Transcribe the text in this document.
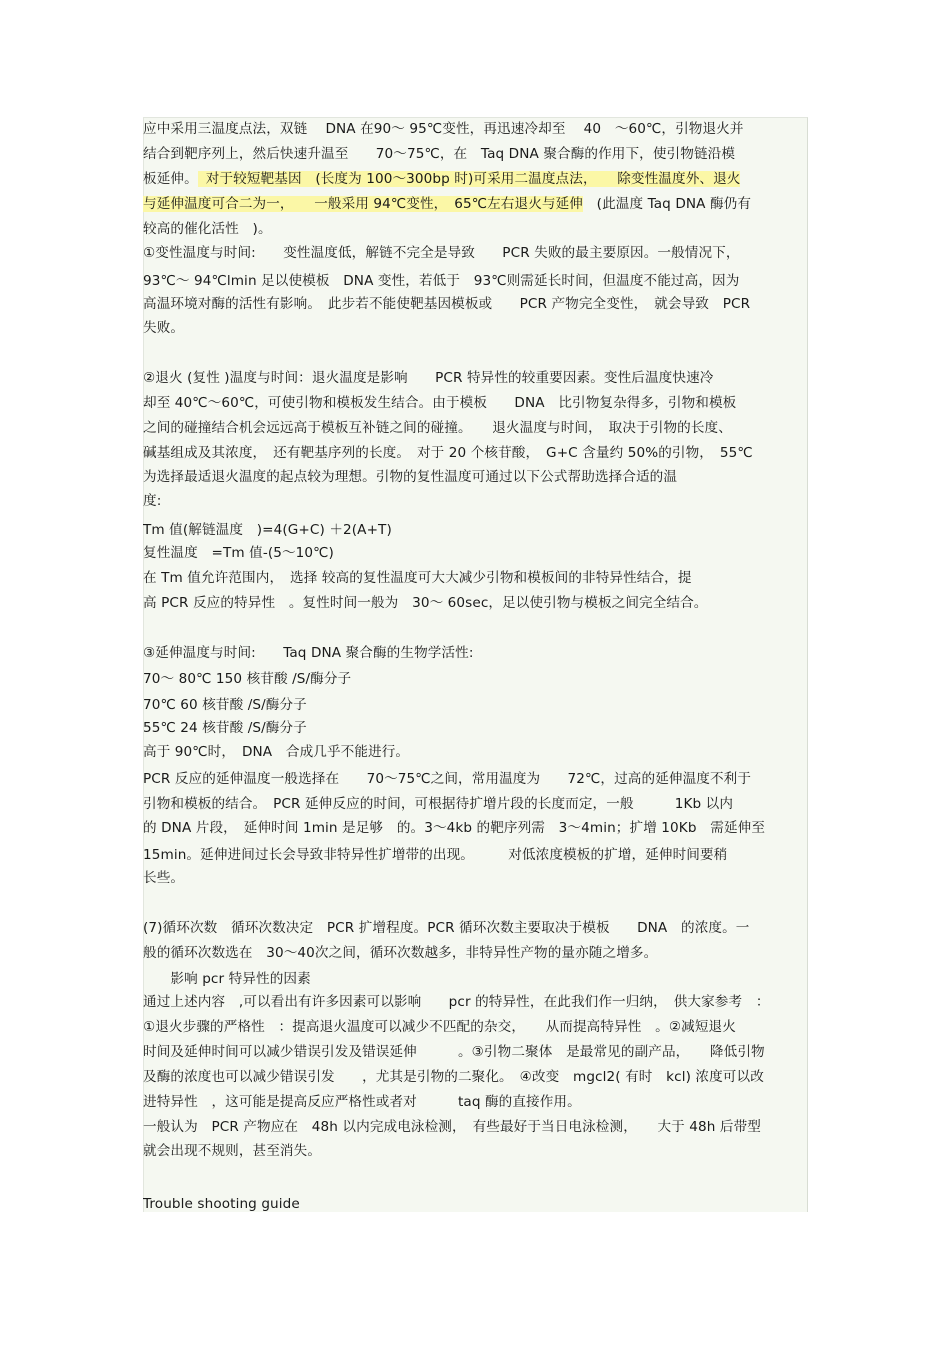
应中采用三温度点法，双链　 DNA 在90～ 95℃变性，再迅速冷却至　 40　～60℃，引物退火并
结合到靶序列上，然后快速升温至　　70～75℃，在　Taq DNA 聚合酶的作用下，使引物链沿模
板延伸。 对于较短靶基因　(长度为 100～300bp 时)可采用二温度点法，　　除变性温度外、退火
与延伸温度可合二为一，　　一般采用 94℃变性，　65℃左右退火与延伸　(此温度 Taq DNA 酶仍有
较高的催化活性　)。
①变性温度与时间:　　变性温度低，解链不完全是导致　　PCR 失败的最主要原因。一般情况下，
93℃～ 94℃lmin 足以使模板　DNA 变性，若低于　93℃则需延长时间，但温度不能过高，因为
高温环境对酶的活性有影响。　此步若不能使靶基因模板或　　PCR 产物完全变性，　就会导致　PCR
失败。
②退火 (复性 )温度与时间：退火温度是影响　　PCR 特异性的较重要因素。变性后温度快速冷
却至 40℃～60℃，可使引物和模板发生结合。由于模板　　DNA　比引物复杂得多，引物和模板
之间的碰撞结合机会远远高于模板互补链之间的碰撞。　　退火温度与时间，　取决于引物的长度、
碱基组成及其浓度，　还有靶基序列的长度。　对于 20 个核苷酸，　G+C 含量约 50%的引物，　55℃
为选择最适退火温度的起点较为理想。引物的复性温度可通过以下公式帮助选择合适的温
度:
Tm 值(解链温度　)=4(G+C) ＋2(A+T)
复性温度　=Tm 值-(5～10℃)
在 Tm 值允许范围内，　选择 较高的复性温度可大大减少引物和模板间的非特异性结合，提
高 PCR 反应的特异性　。复性时间一般为　30～ 60sec，足以使引物与模板之间完全结合。
③延伸温度与时间:　　Taq DNA 聚合酶的生物学活性:
70～ 80℃ 150 核苷酸 /S/酶分子
70℃ 60 核苷酸 /S/酶分子
55℃ 24 核苷酸 /S/酶分子
高于 90℃时，　DNA　合成几乎不能进行。
PCR 反应的延伸温度一般选择在　　70～75℃之间，常用温度为　　72℃，过高的延伸温度不利于
引物和模板的结合。　PCR 延伸反应的时间，可根据待扩增片段的长度而定，一般　　　1Kb 以内
的 DNA 片段，　延伸时间 1min 是足够　的。3～4kb 的靶序列需　3～4min；扩增 10Kb　需延伸至
15min。延伸进间过长会导致非特异性扩增带的出现。　　　对低浓度模板的扩增，延伸时间要稍
长些。
(7)循环次数　循环次数决定　PCR 扩增程度。PCR 循环次数主要取决于模板　　DNA　的浓度。一
般的循环次数选在　30～40次之间，循环次数越多，非特异性产物的量亦随之增多。
　　影响 pcr 特异性的因素
通过上述内容　,可以看出有许多因素可以影响　　pcr 的特异性，在此我们作一归纳，　供大家参考　：
①退火步骤的严格性　：提高退火温度可以减少不匹配的杂交，　　从而提高特异性　。②减短退火
时间及延伸时间可以减少错误引发及错误延伸　　　。③引物二聚体　是最常见的副产品，　　降低引物
及酶的浓度也可以减少错误引发　　，尤其是引物的二聚化。　④改变　mgcl2( 有时　kcl) 浓度可以改
进特异性　，这可能是提高反应严格性或者对　　　taq 酶的直接作用。
一般认为　PCR 产物应在　48h 以内完成电泳检测，　有些最好于当日电泳检测，　　大于 48h 后带型
就会出现不规则，甚至消失。
Trouble shooting guide
